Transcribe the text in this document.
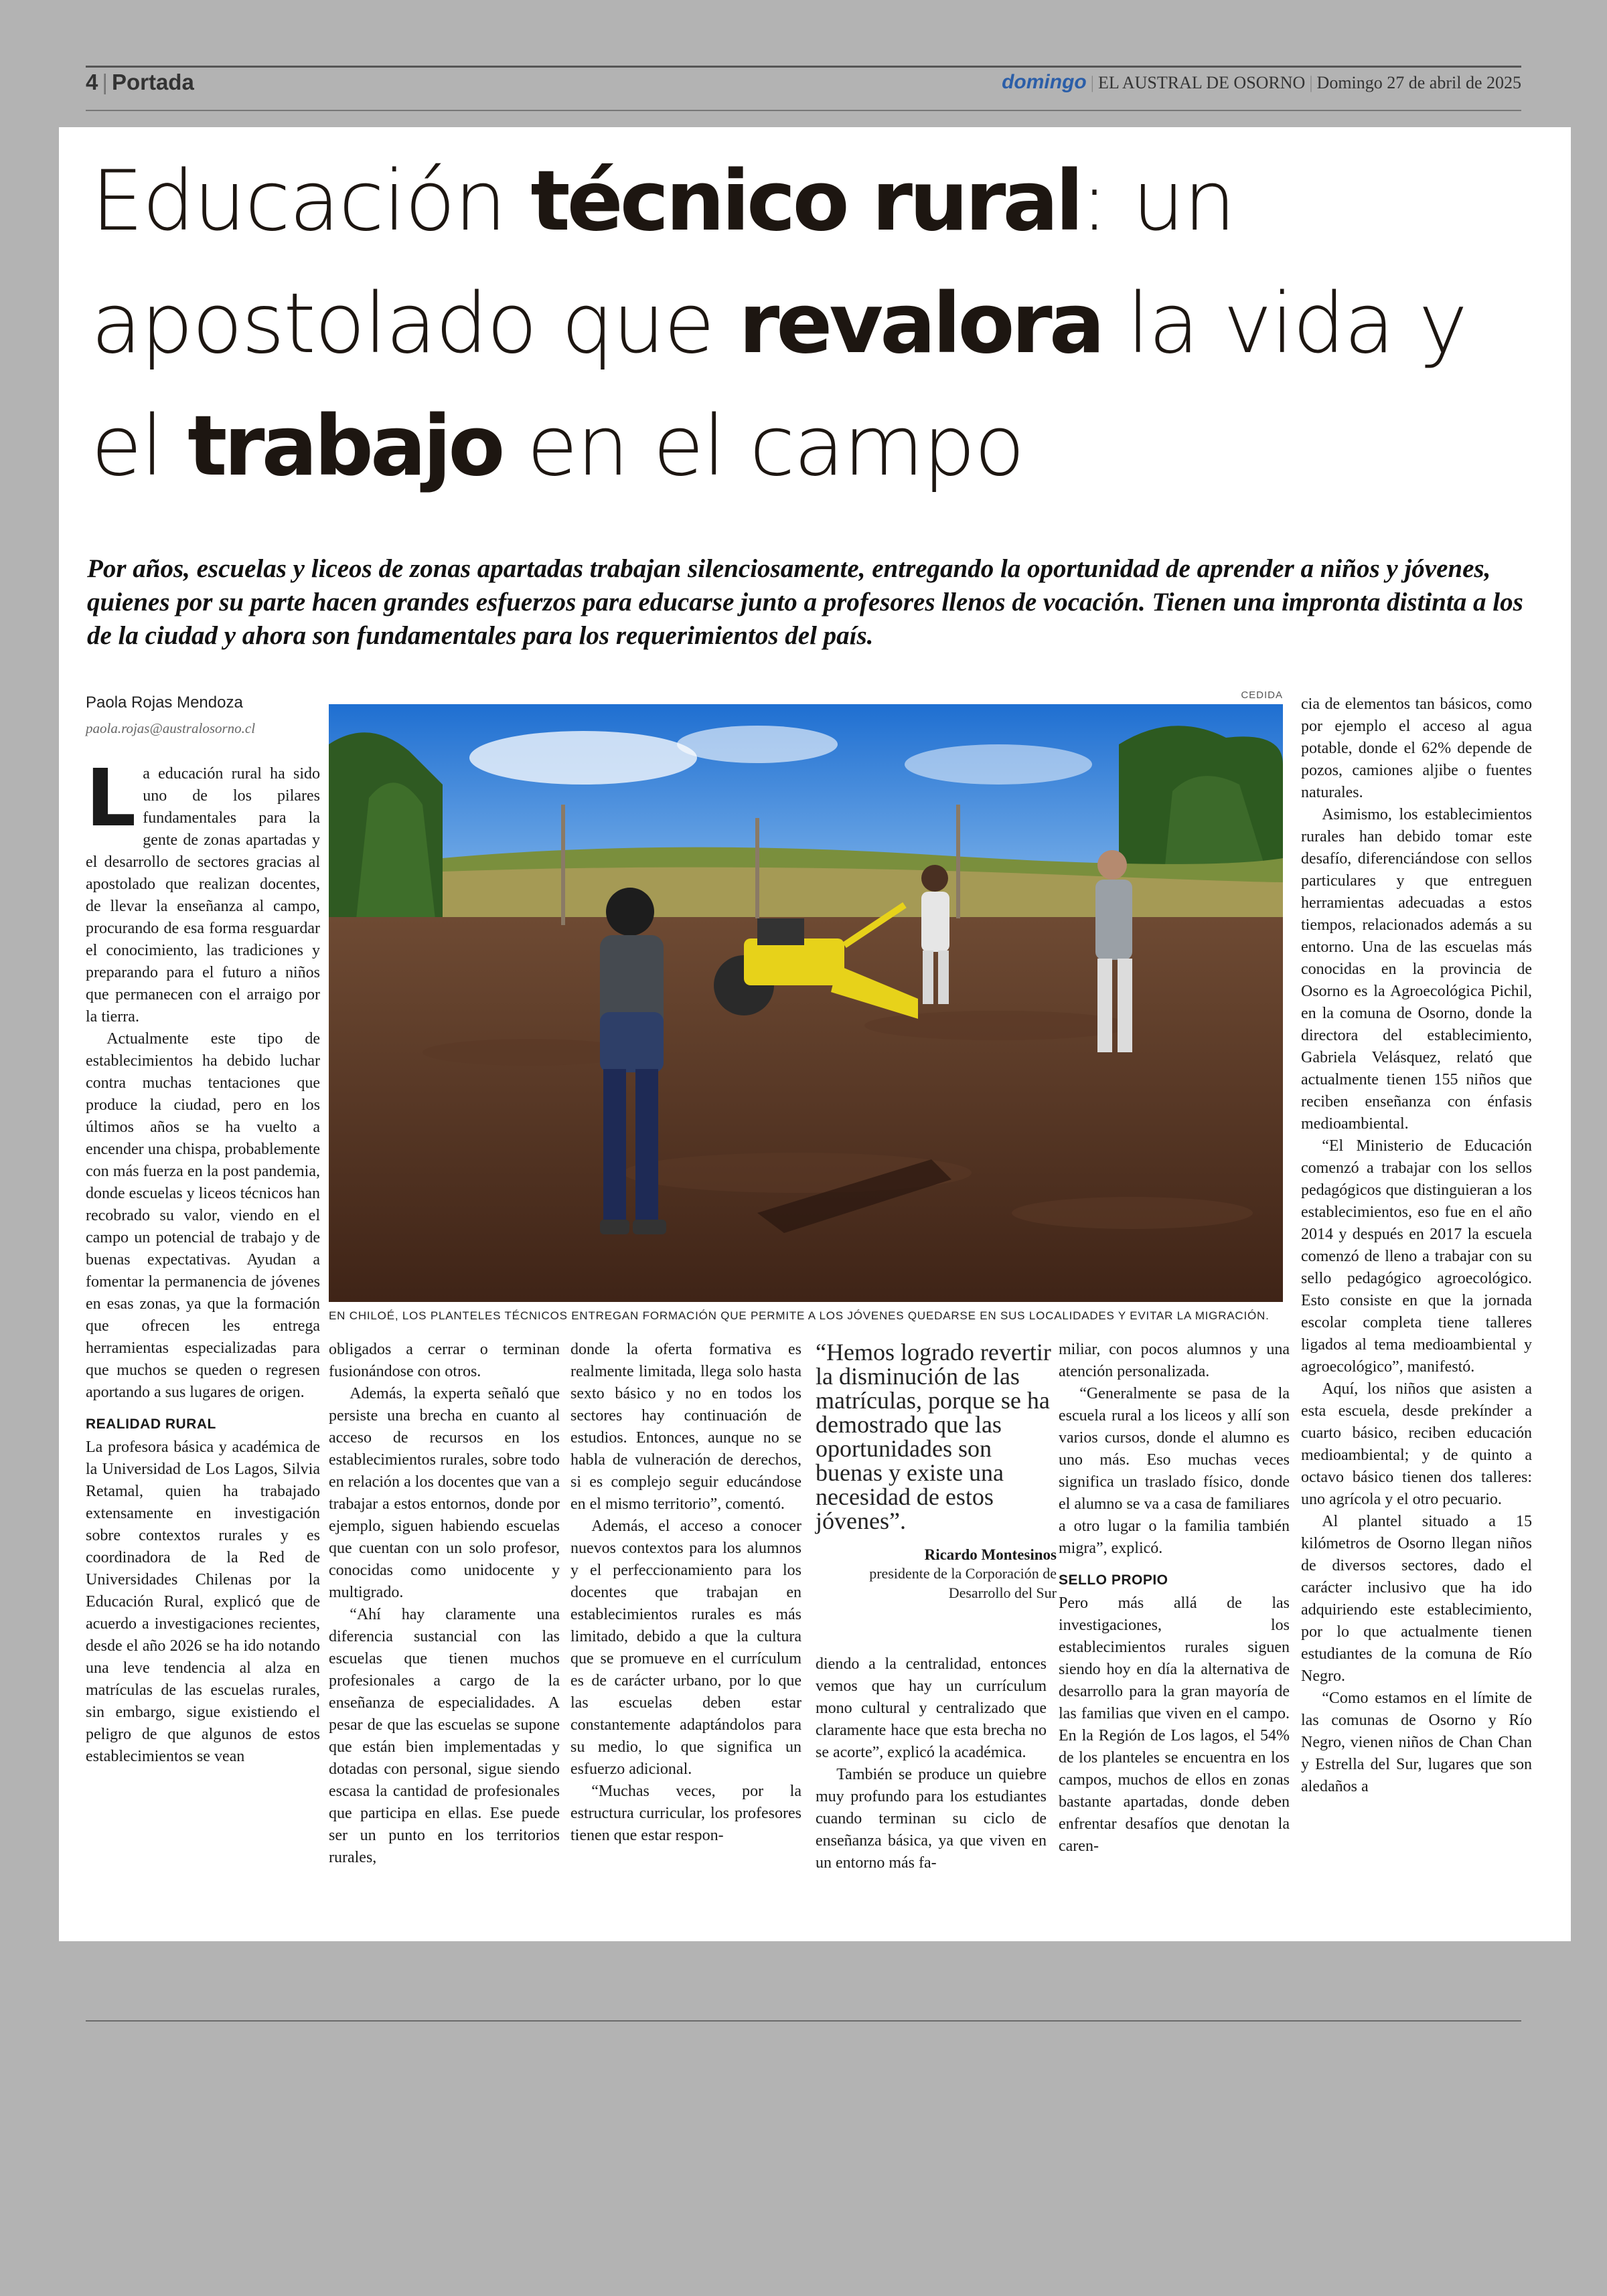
4 | Portada	domingo | EL AUSTRAL DE OSORNO | Domingo 27 de abril de 2025
Educación técnico rural: un apostolado que revalora la vida y el trabajo en el campo
Por años, escuelas y liceos de zonas apartadas trabajan silenciosamente, entregando la oportunidad de aprender a niños y jóvenes, quienes por su parte hacen grandes esfuerzos para educarse junto a profesores llenos de vocación. Tienen una impronta distinta a los de la ciudad y ahora son fundamentales para los requerimientos del país.
Paola Rojas Mendoza
paola.rojas@australosorno.cl
CEDIDA
EN CHILOÉ, LOS PLANTELES TÉCNICOS ENTREGAN FORMACIÓN QUE PERMITE A LOS JÓVENES QUEDARSE EN SUS LOCALIDADES Y EVITAR LA MIGRACIÓN.

La educación rural ha sido uno de los pilares fundamentales para la gente de zonas apartadas y el desarrollo de sectores gracias al apostolado que realizan docentes, de llevar la enseñanza al campo, procurando de esa forma resguardar el conocimiento, las tradiciones y preparando para el futuro a niños que permanecen con el arraigo por la tierra.

Actualmente este tipo de establecimientos ha debido luchar contra muchas tentaciones que produce la ciudad, pero en los últimos años se ha vuelto a encender una chispa, probablemente con más fuerza en la post pandemia, donde escuelas y liceos técnicos han recobrado su valor, viendo en el campo un potencial de trabajo y de buenas expectativas. Ayudan a fomentar la permanencia de jóvenes en esas zonas, ya que la formación que ofrecen les entrega herramientas especializadas para que muchos se queden o regresen aportando a sus lugares de origen.

REALIDAD RURAL

La profesora básica y académica de la Universidad de Los Lagos, Silvia Retamal, quien ha trabajado extensamente en investigación sobre contextos rurales y es coordinadora de la Red de Universidades Chilenas por la Educación Rural, explicó que de acuerdo a investigaciones recientes, desde el año 2026 se ha ido notando una leve tendencia al alza en matrículas de las escuelas rurales, sin embargo, sigue existiendo el peligro de que algunos de estos establecimientos se vean

obligados a cerrar o terminan fusionándose con otros.

Además, la experta señaló que persiste una brecha en cuanto al acceso de recursos en los establecimientos rurales, sobre todo en relación a los docentes que van a trabajar a estos entornos, donde por ejemplo, siguen habiendo escuelas que cuentan con un solo profesor, conocidas como unidocente y multigrado.

“Ahí hay claramente una diferencia sustancial con las escuelas que tienen muchos profesionales a cargo de la enseñanza de especialidades. A pesar de que las escuelas se supone que están bien implementadas y dotadas con personal, sigue siendo escasa la cantidad de profesionales que participa en ellas. Ese puede ser un punto en los territorios rurales,

donde la oferta formativa es realmente limitada, llega solo hasta sexto básico y no en todos los sectores hay continuación de estudios. Entonces, aunque no se habla de vulneración de derechos, si es complejo seguir educándose en el mismo territorio”, comentó.

Además, el acceso a conocer nuevos contextos para los alumnos y el perfeccionamiento para los docentes que trabajan en establecimientos rurales es más limitado, debido a que la cultura que se promueve en el currículum es de carácter urbano, por lo que las escuelas deben estar constantemente adaptándolos para su medio, lo que significa un esfuerzo adicional.

“Muchas veces, por la estructura curricular, los profesores tienen que estar respon-

“Hemos logrado revertir la disminución de las matrículas, porque se ha demostrado que las oportunidades son buenas y existe una necesidad de estos jóvenes”.
Ricardo Montesinos
presidente de la Corporación de Desarrollo del Sur

diendo a la centralidad, entonces vemos que hay un currículum mono cultural y centralizado que claramente hace que esta brecha no se acorte”, explicó la académica.

También se produce un quiebre muy profundo para los estudiantes cuando terminan su ciclo de enseñanza básica, ya que viven en un entorno más fa-

miliar, con pocos alumnos y una atención personalizada.

“Generalmente se pasa de la escuela rural a los liceos y allí son varios cursos, donde el alumno es uno más. Eso muchas veces significa un traslado físico, donde el alumno se va a casa de familiares a otro lugar o la familia también migra”, explicó.

SELLO PROPIO

Pero más allá de las investigaciones, los establecimientos rurales siguen siendo hoy en día la alternativa de desarrollo para la gran mayoría de las familias que viven en el campo. En la Región de Los lagos, el 54% de los planteles se encuentra en los campos, muchos de ellos en zonas bastante apartadas, donde deben enfrentar desafíos que denotan la caren-

cia de elementos tan básicos, como por ejemplo el acceso al agua potable, donde el 62% depende de pozos, camiones aljibe o fuentes naturales.

Asimismo, los establecimientos rurales han debido tomar este desafío, diferenciándose con sellos particulares y que entreguen herramientas adecuadas a estos tiempos, relacionados además a su entorno. Una de las escuelas más conocidas en la provincia de Osorno es la Agroecológica Pichil, en la comuna de Osorno, donde la directora del establecimiento, Gabriela Velásquez, relató que actualmente tienen 155 niños que reciben enseñanza con énfasis medioambiental.

“El Ministerio de Educación comenzó a trabajar con los sellos pedagógicos que distinguieran a los establecimientos, eso fue en el año 2014 y después en 2017 la escuela comenzó de lleno a trabajar con su sello pedagógico agroecológico. Esto consiste en que la jornada escolar completa tiene talleres ligados al tema medioambiental y agroecológico”, manifestó.

Aquí, los niños que asisten a esta escuela, desde prekínder a cuarto básico, reciben educación medioambiental; y de quinto a octavo básico tienen dos talleres: uno agrícola y el otro pecuario.

Al plantel situado a 15 kilómetros de Osorno llegan niños de diversos sectores, dado el carácter inclusivo que ha ido adquiriendo este establecimiento, por lo que actualmente tienen estudiantes de la comuna de Río Negro.

“Como estamos en el límite de las comunas de Osorno y Río Negro, vienen niños de Chan Chan y Estrella del Sur, lugares que son aledaños a
